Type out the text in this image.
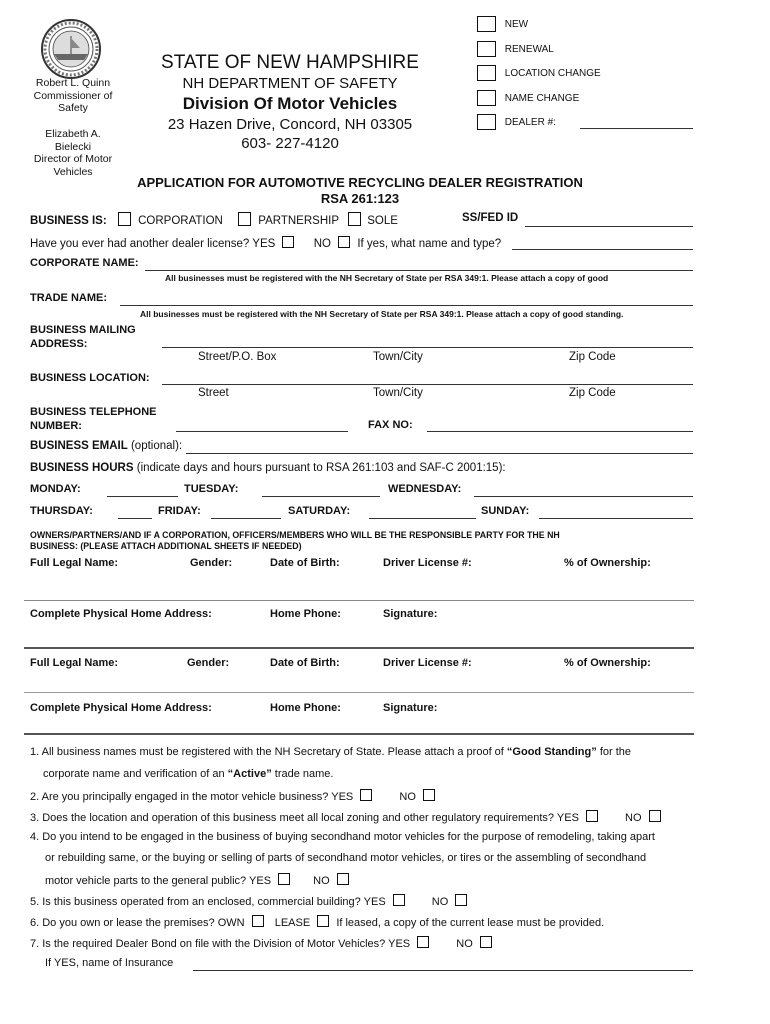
Robert L. Quinn
Commissioner of
Safety
Elizabeth A.
Bielecki
Director of Motor
Vehicles
STATE OF NEW HAMPSHIRE
NH DEPARTMENT OF SAFETY
Division Of Motor Vehicles
23 Hazen Drive, Concord, NH 03305
603- 227-4120
NEW
RENEWAL
LOCATION CHANGE
NAME CHANGE
DEALER #:
APPLICATION FOR AUTOMOTIVE RECYCLING DEALER REGISTRATION
RSA 261:123
BUSINESS IS:	CORPORATION	PARTNERSHIP SOLE	SS/FED ID
Have you ever had another dealer license? YES	NO If yes, what name and type?
CORPORATE NAME:
All businesses must be registered with the NH Secretary of State per RSA 349:1. Please attach a copy of good
TRADE NAME:
All businesses must be registered with the NH Secretary of State per RSA 349:1. Please attach a copy of good standing.
BUSINESS MAILING
ADDRESS:
Street/P.O. Box	Town/City	Zip Code
BUSINESS LOCATION:
Street	Town/City	Zip Code
BUSINESS TELEPHONE
NUMBER:	FAX NO:
BUSINESS EMAIL (optional):
BUSINESS HOURS (indicate days and hours pursuant to RSA 261:103 and SAF-C 2001:15):
MONDAY:	TUESDAY:	WEDNESDAY:
THURSDAY:	FRIDAY:	SATURDAY:	SUNDAY:
OWNERS/PARTNERS/AND IF A CORPORATION, OFFICERS/MEMBERS WHO WILL BE THE RESPONSIBLE PARTY FOR THE NH
BUSINESS: (PLEASE ATTACH ADDITIONAL SHEETS IF NEEDED)
Full Legal Name:	Gender:	Date of Birth:	Driver License #:	% of Ownership:
Complete Physical Home Address:	Home Phone:	Signature:
Full Legal Name:	Gender:	Date of Birth:	Driver License #:	% of Ownership:
Complete Physical Home Address:	Home Phone:	Signature:
1. All business names must be registered with the NH Secretary of State. Please attach a proof of “Good Standing” for the
corporate name and verification of an “Active” trade name.
2. Are you principally engaged in the motor vehicle business? YES	NO
3. Does the location and operation of this business meet all local zoning and other regulatory requirements? YES	NO
4. Do you intend to be engaged in the business of buying secondhand motor vehicles for the purpose of remodeling, taking apart
or rebuilding same, or the buying or selling of parts of secondhand motor vehicles, or tires or the assembling of secondhand
motor vehicle parts to the general public? YES	NO
5. Is this business operated from an enclosed, commercial building? YES	NO
6. Do you own or lease the premises? OWN	LEASE If leased, a copy of the current lease must be provided.
7. Is the required Dealer Bond on file with the Division of Motor Vehicles? YES	NO
If YES, name of Insurance
